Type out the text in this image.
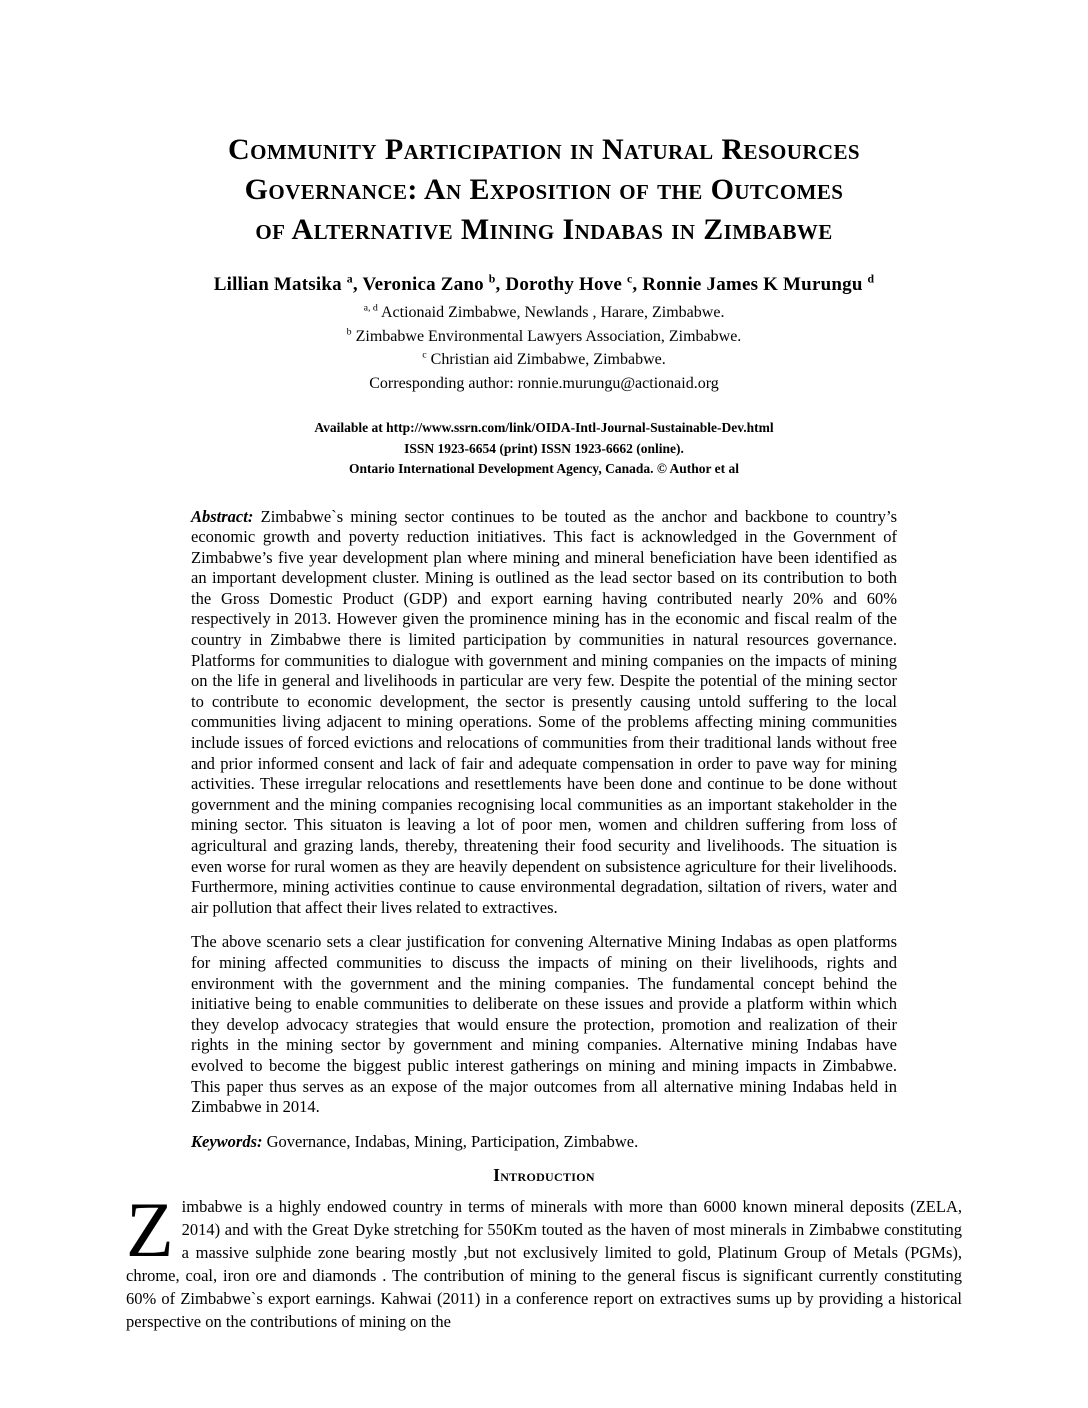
Community Participation in Natural Resources
Governance: An Exposition of the Outcomes
of Alternative Mining Indabas in Zimbabwe
Lillian Matsika $^a$, Veronica Zano $^b$, Dorothy Hove $^c$, Ronnie James K Murungu $^d$
$^{a, d}$ Actionaid Zimbabwe, Newlands , Harare, Zimbabwe.
$^b$ Zimbabwe Environmental Lawyers Association, Zimbabwe.
$^c$ Christian aid Zimbabwe, Zimbabwe.
Corresponding author: ronnie.murungu@actionaid.org
Available at http://www.ssrn.com/link/OIDA-Intl-Journal-Sustainable-Dev.html
ISSN 1923-6654 (print) ISSN 1923-6662 (online).
Ontario International Development Agency, Canada. © Author et al

Abstract: Zimbabwe`s mining sector continues to be touted as the anchor and backbone to country’s economic growth and poverty reduction initiatives. This fact is acknowledged in the Government of Zimbabwe’s five year development plan where mining and mineral beneficiation have been identified as an important development cluster. Mining is outlined as the lead sector based on its contribution to both the Gross Domestic Product (GDP) and export earning having contributed nearly 20% and 60% respectively in 2013. However given the prominence mining has in the economic and fiscal realm of the country in Zimbabwe there is limited participation by communities in natural resources governance. Platforms for communities to dialogue with government and mining companies on the impacts of mining on the life in general and livelihoods in particular are very few. Despite the potential of the mining sector to contribute to economic development, the sector is presently causing untold suffering to the local communities living adjacent to mining operations. Some of the problems affecting mining communities include issues of forced evictions and relocations of communities from their traditional lands without free and prior informed consent and lack of fair and adequate compensation in order to pave way for mining activities. These irregular relocations and resettlements have been done and continue to be done without government and the mining companies recognising local communities as an important stakeholder in the mining sector. This situaton is leaving a lot of poor men, women and children suffering from loss of agricultural and grazing lands, thereby, threatening their food security and livelihoods. The situation is even worse for rural women as they are heavily dependent on subsistence agriculture for their livelihoods. Furthermore, mining activities continue to cause environmental degradation, siltation of rivers, water and air pollution that affect their lives related to extractives.

The above scenario sets a clear justification for convening Alternative Mining Indabas as open platforms for mining affected communities to discuss the impacts of mining on their livelihoods, rights and environment with the government and the mining companies. The fundamental concept behind the initiative being to enable communities to deliberate on these issues and provide a platform within which they develop advocacy strategies that would ensure the protection, promotion and realization of their rights in the mining sector by government and mining companies. Alternative mining Indabas have evolved to become the biggest public interest gatherings on mining and mining impacts in Zimbabwe. This paper thus serves as an expose of the major outcomes from all alternative mining Indabas held in Zimbabwe in 2014.

Keywords: Governance, Indabas, Mining, Participation, Zimbabwe.

Introduction

Zimbabwe is a highly endowed country in terms of minerals with more than 6000 known mineral deposits (ZELA, 2014) and with the Great Dyke stretching for 550Km touted as the haven of most minerals in Zimbabwe constituting a massive sulphide zone bearing mostly ,but not exclusively limited to gold, Platinum Group of Metals (PGMs), chrome, coal, iron ore and diamonds . The contribution of mining to the general fiscus is significant currently constituting 60% of Zimbabwe`s export earnings. Kahwai (2011) in a conference report on extractives sums up by providing a historical perspective on the contributions of mining on the
